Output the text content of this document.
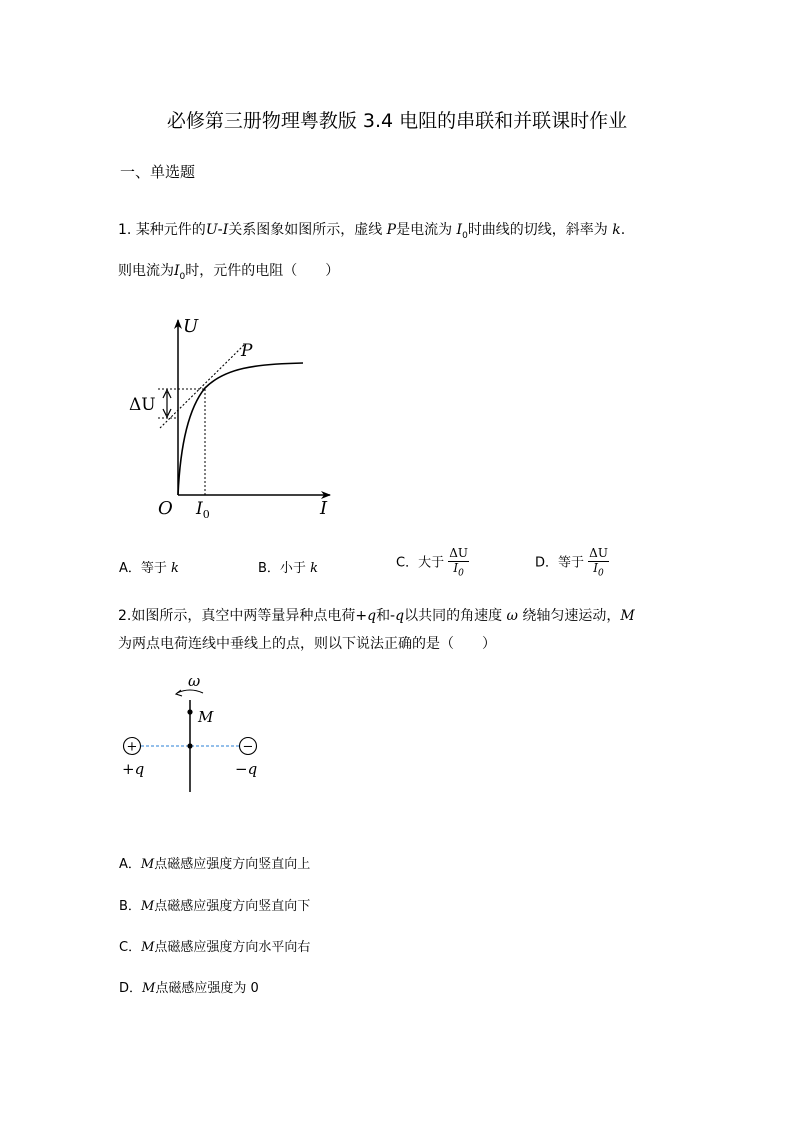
必修第三册物理粤教版 3.4 电阻的串联和并联课时作业
一、单选题
1. 某种元件的U-I关系图象如图所示，虚线 P是电流为 $I_0$时曲线的切线，斜率为 k.
则电流为$I_0$时，元件的电阻（　　）
U
I
O
P
ΔU
$I_0$
A．等于 k	B．小于 k	C．大于 $\frac{\Delta U}{I_0}$	D．等于 $\frac{\Delta U}{I_0}$
2.如图所示，真空中两等量异种点电荷+q和-q以共同的角速度 ω 绕轴匀速运动，M
为两点电荷连线中垂线上的点，则以下说法正确的是（　　）
ω
M
+	−
+q	−q
A．M点磁感应强度方向竖直向上
B．M点磁感应强度方向竖直向下
C．M点磁感应强度方向水平向右
D．M点磁感应强度为 0
